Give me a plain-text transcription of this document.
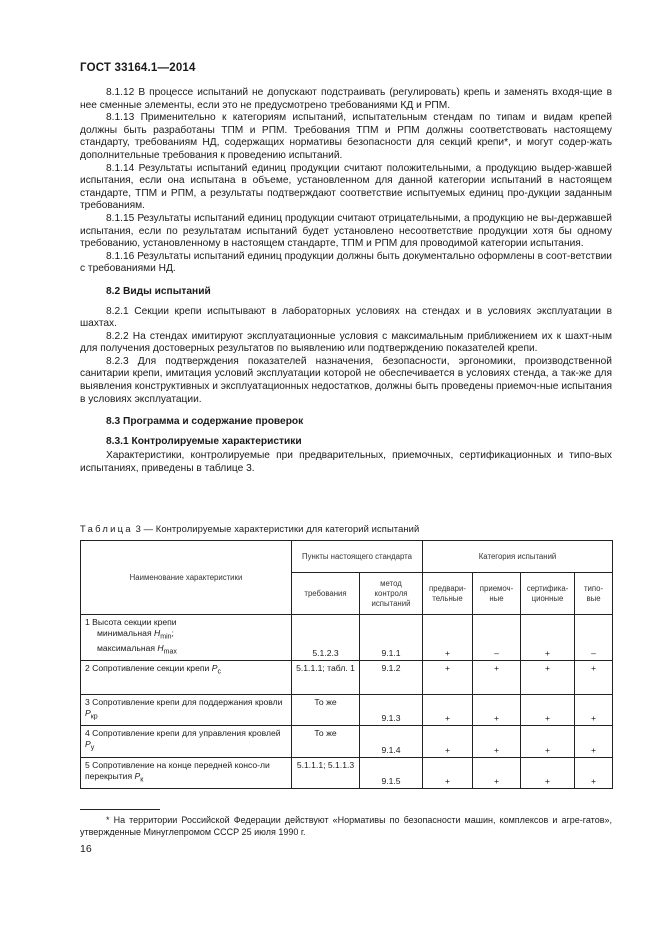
ГОСТ 33164.1—2014

8.1.12 В процессе испытаний не допускают подстраивать (регулировать) крепь и заменять входя-щие в нее сменные элементы, если это не предусмотрено требованиями КД и РПМ.

8.1.13 Применительно к категориям испытаний, испытательным стендам по типам и видам крепей должны быть разработаны ТПМ и РПМ. Требования ТПМ и РПМ должны соответствовать настоящему стандарту, требованиям НД, содержащих нормативы безопасности для секций крепи*, и могут содер-жать дополнительные требования к проведению испытаний.

8.1.14 Результаты испытаний единиц продукции считают положительными, а продукцию выдер-жавшей испытания, если она испытана в объеме, установленном для данной категории испытаний в настоящем стандарте, ТПМ и РПМ, а результаты подтверждают соответствие испытуемых единиц про-дукции заданным требованиям.

8.1.15 Результаты испытаний единиц продукции считают отрицательными, а продукцию не вы-державшей испытания, если по результатам испытаний будет установлено несоответствие продукции хотя бы одному требованию, установленному в настоящем стандарте, ТПМ и РПМ для проводимой категории испытания.

8.1.16 Результаты испытаний единиц продукции должны быть документально оформлены в соот-ветствии с требованиями НД.

8.2 Виды испытаний

8.2.1 Секции крепи испытывают в лабораторных условиях на стендах и в условиях эксплуатации в шахтах.

8.2.2 На стендах имитируют эксплуатационные условия с максимальным приближением их к шахт-ным для получения достоверных результатов по выявлению или подтверждению показателей крепи.

8.2.3 Для подтверждения показателей назначения, безопасности, эргономики, производственной санитарии крепи, имитация условий эксплуатации которой не обеспечивается в условиях стенда, а так-же для выявления конструктивных и эксплуатационных недостатков, должны быть проведены приемоч-ные испытания в условиях эксплуатации.

8.3 Программа и содержание проверок

8.3.1 Контролируемые характеристики

Характеристики, контролируемые при предварительных, приемочных, сертификационных и типо-вых испытаниях, приведены в таблице 3.

Таблица 3 — Контролируемые характеристики для категорий испытаний
Наименование характеристики	Пункты настоящего стандарта		Категория испытаний			
	требования	метод контроля испытаний	предвари-тельные	приемоч-ные	сертифика-ционные	типо-вые

1 Высота секции крепи
минимальная $H_{min}$;
максимальная $H_{max}$	5.1.2.3	9.1.1	+	–	+	–
2 Сопротивление секции крепи $P_c$	5.1.1.1; табл. 1	9.1.2	+	+	+	+
3 Сопротивление крепи для поддержания кровли $P_{кр}$	То же	9.1.3	+	+	+	+
4 Сопротивление крепи для управления кровлей $P_y$	То же	9.1.4	+	+	+	+
5 Сопротивление на конце передней консо-ли перекрытия $P_к$	5.1.1.1; 5.1.1.3	9.1.5	+	+	+	+
* На территории Российской Федерации действуют «Нормативы по безопасности машин, комплексов и агре-гатов», утвержденные Минуглепромом СССР 25 июля 1990 г.
16
